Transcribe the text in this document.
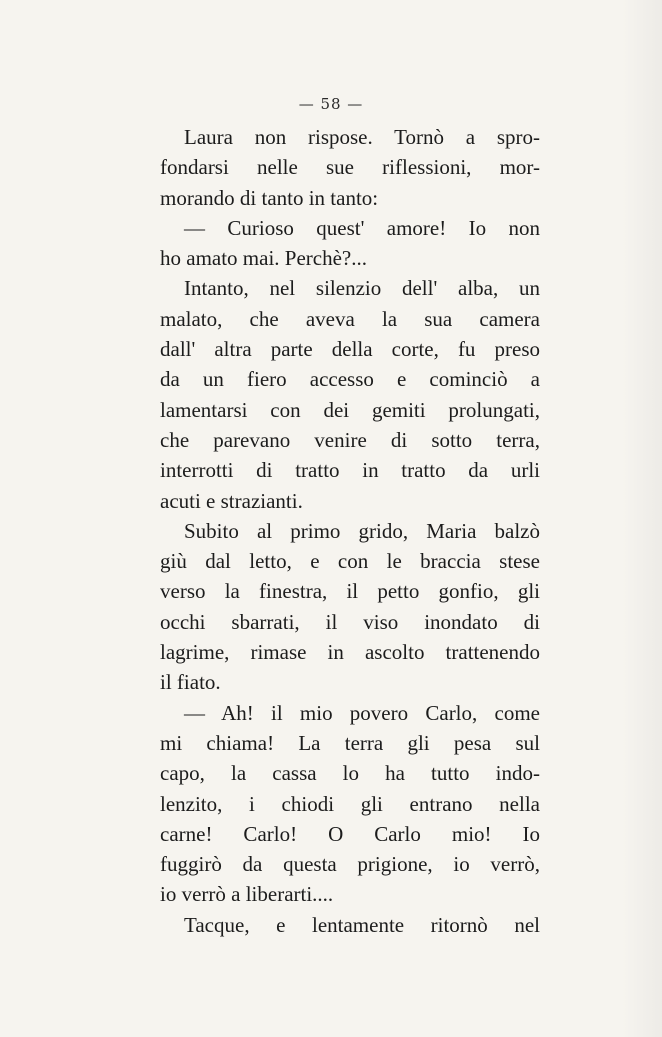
— 58 —
Laura non rispose. Tornò a spro-
fondarsi nelle sue riflessioni, mor-
morando di tanto in tanto:
— Curioso quest' amore! Io non
ho amato mai. Perchè?...
Intanto, nel silenzio dell' alba, un
malato, che aveva la sua camera
dall' altra parte della corte, fu preso
da un fiero accesso e cominciò a
lamentarsi con dei gemiti prolungati,
che parevano venire di sotto terra,
interrotti di tratto in tratto da urli
acuti e strazianti.
Subito al primo grido, Maria balzò
giù dal letto, e con le braccia stese
verso la finestra, il petto gonfio, gli
occhi sbarrati, il viso inondato di
lagrime, rimase in ascolto trattenendo
il fiato.
— Ah! il mio povero Carlo, come
mi chiama! La terra gli pesa sul
capo, la cassa lo ha tutto indo-
lenzito, i chiodi gli entrano nella
carne! Carlo! O Carlo mio! Io
fuggirò da questa prigione, io verrò,
io verrò a liberarti....
Tacque, e lentamente ritornò nel
